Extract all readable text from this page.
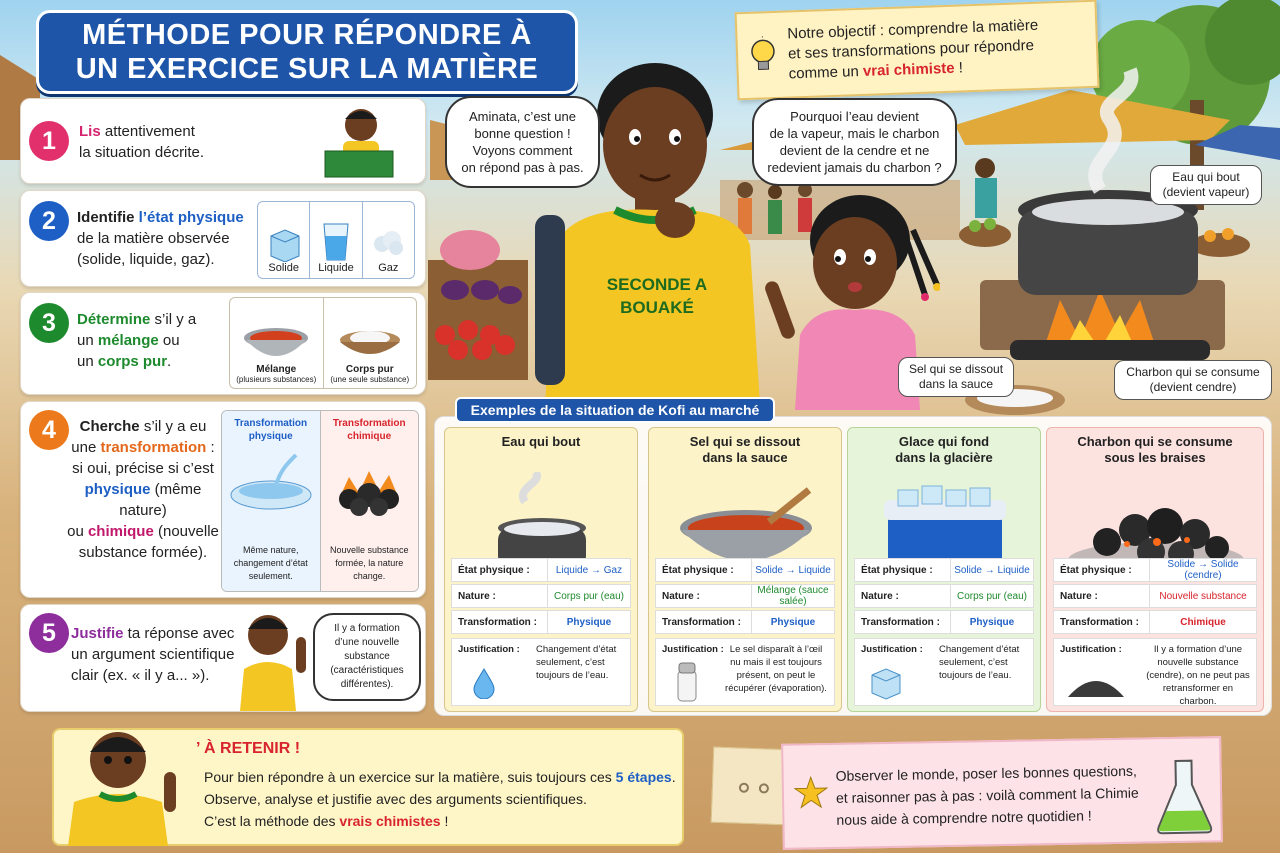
SECONDE A
BOUAKÉ
MÉTHODE POUR RÉPONDRE À
UN EXERCICE SUR LA MATIÈRE
Notre objectif : comprendre la matière
et ses transformations pour répondre
comme un vrai chimiste !
Aminata, c’est une
bonne question !
Voyons comment
on répond pas à pas.
Pourquoi l’eau devient
de la vapeur, mais le charbon
devient de la cendre et ne
redevient jamais du charbon ?
Eau qui bout
(devient vapeur)
Sel qui se dissout
dans la sauce
Charbon qui se consume
(devient cendre)
1	Lis attentivement
la situation décrite.
2	Identifie l’état physique
de la matière observée
(solide, liquide, gaz).	Solide Liquide Gaz
3	Détermine s’il y a
un mélange ou
un corps pur.	Mélange
(plusieurs substances)
Corps pur
(une seule substance)
4	Cherche s’il y a eu
une transformation :
si oui, précise si c’est
physique (même nature)
ou chimique (nouvelle
substance formée).
Transformation
physique
Même nature,
changement d’état
seulement.
Transformation
chimique
Nouvelle substance
formée, la nature
change.
5	Justifie ta réponse avec
un argument scientifique
clair (ex. « il y a... »).
Il y a formation
d’une nouvelle substance
(caractéristiques
différentes).
Exemples de la situation de Kofi au marché
Eau qui bout
État physique :	Liquide → Gaz
Nature :	Corps pur (eau)
Transformation :	Physique
Justification : Changement d’état
seulement, c’est
toujours de l’eau.
Sel qui se dissout
dans la sauce
État physique :	Solide → Liquide
Nature :	Mélange (sauce salée)
Transformation :	Physique
Justification : Le sel disparaît à l’œil
nu mais il est toujours
présent, on peut le
récupérer (évaporation).
Glace qui fond
dans la glacière
État physique :	Solide → Liquide
Nature :	Corps pur (eau)
Transformation :	Physique
Justification : Changement d’état
seulement, c’est
toujours de l’eau.
Charbon qui se consume
sous les braises
État physique :	Solide → Solide (cendre)
Nature :	Nouvelle substance
Transformation :	Chimique
Justification :	Il y a formation d’une
nouvelle substance
(cendre), on ne peut pas
retransformer en charbon.
’ À RETENIR !
Pour bien répondre à un exercice sur la matière, suis toujours ces 5 étapes.
Observe, analyse et justifie avec des arguments scientifiques.
C’est la méthode des vrais chimistes !
Observer le monde, poser les bonnes questions,
et raisonner pas à pas : voilà comment la Chimie
nous aide à comprendre notre quotidien !
